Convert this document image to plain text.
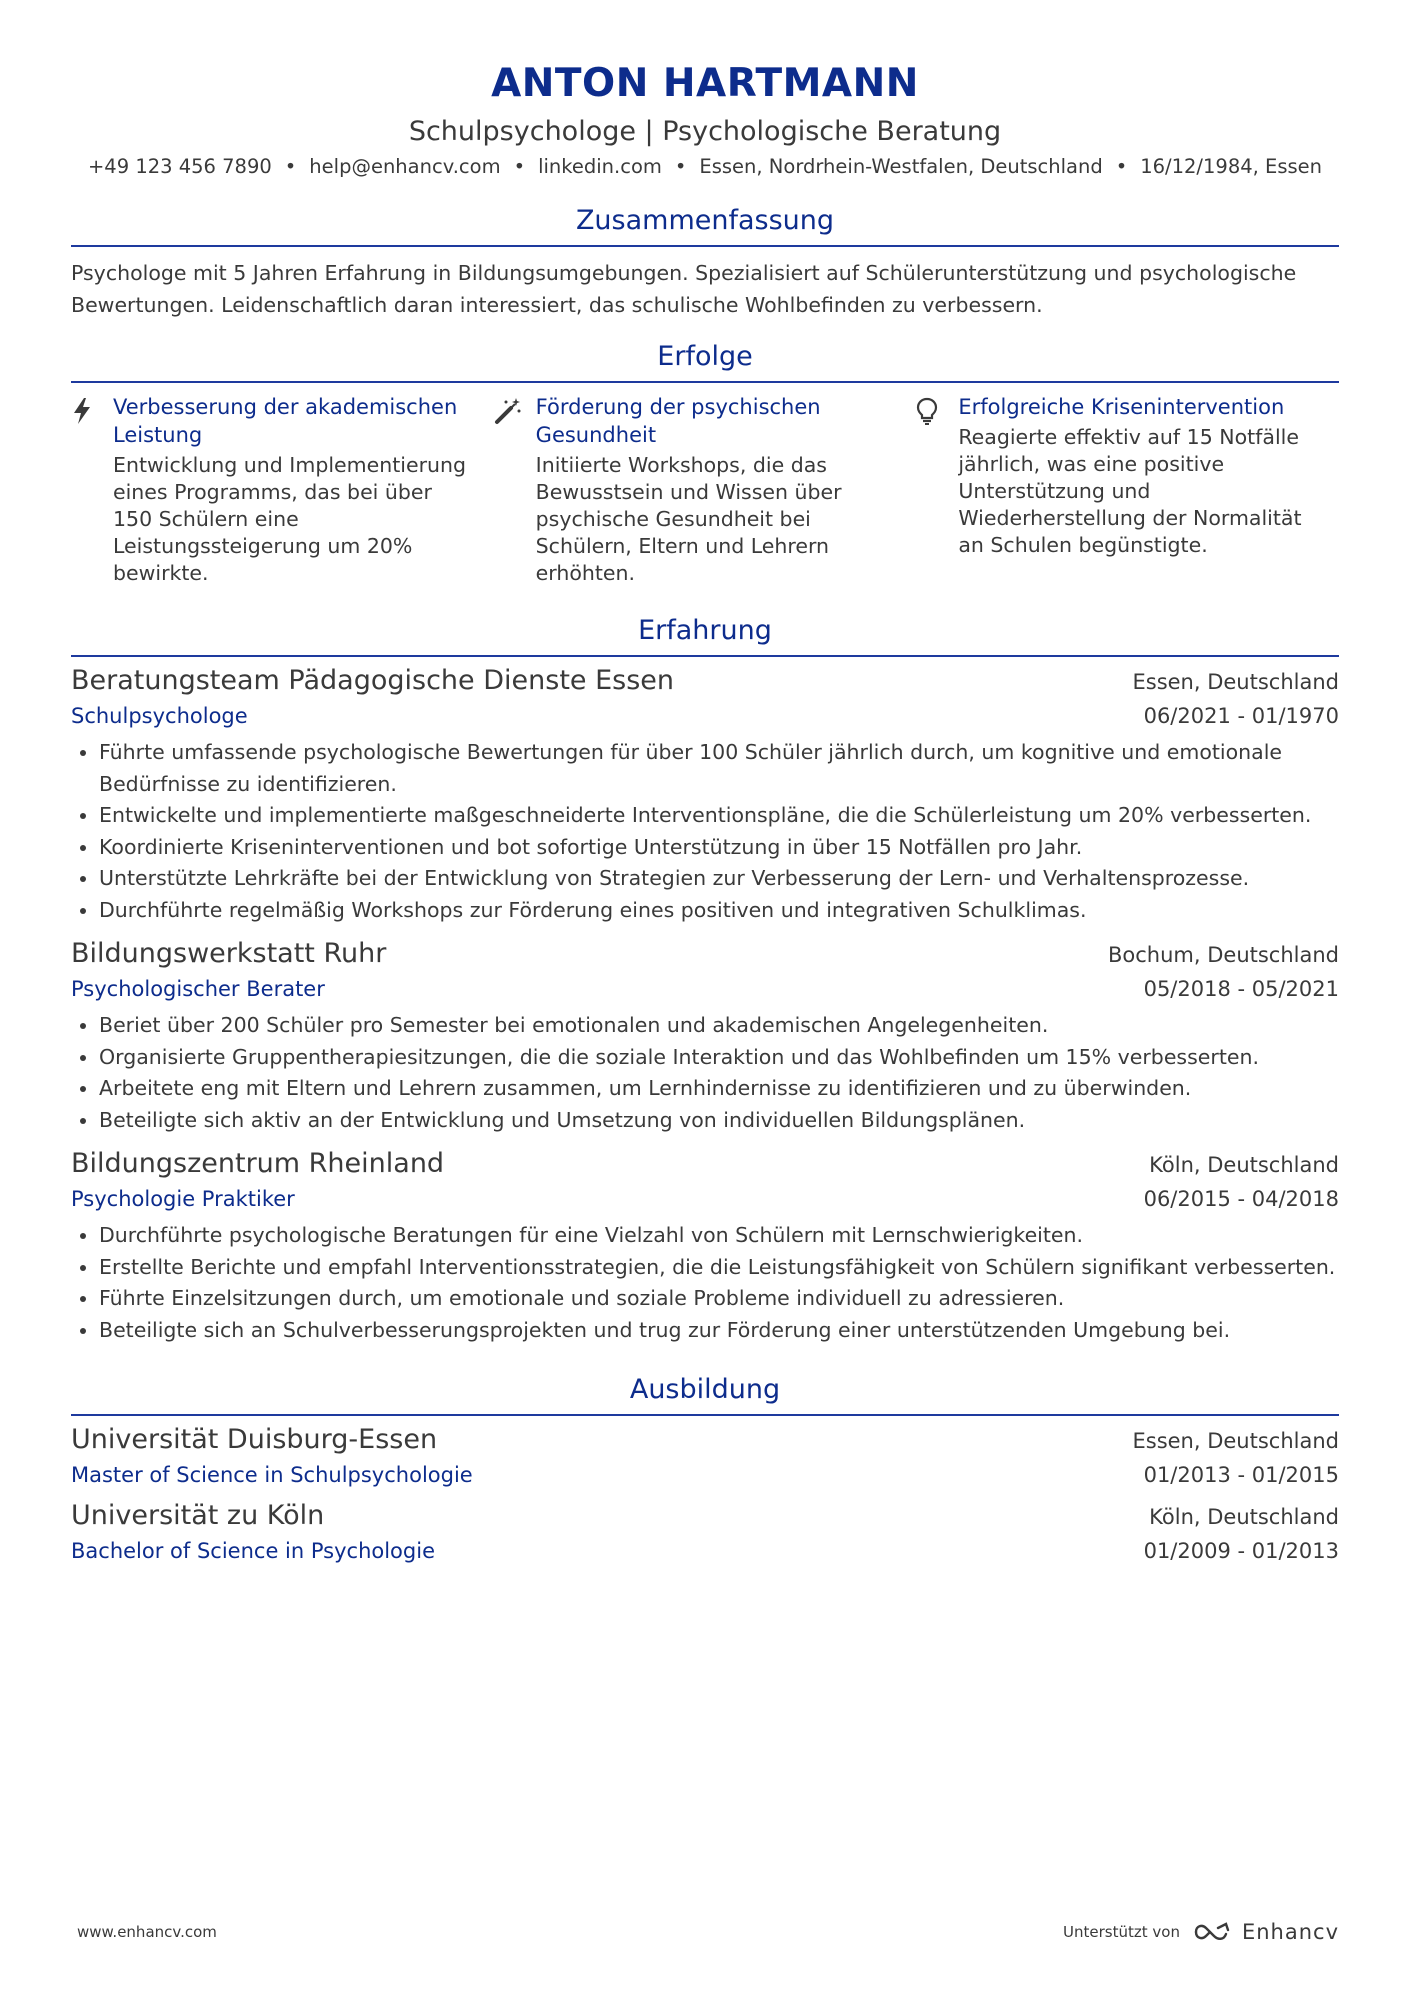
ANTON HARTMANN
Schulpsychologe | Psychologische Beratung
+49 123 456 7890 • help@enhancv.com • linkedin.com • Essen, Nordrhein-Westfalen, Deutschland • 16/12/1984, Essen
Zusammenfassung
Psychologe mit 5 Jahren Erfahrung in Bildungsumgebungen. Spezialisiert auf Schülerunterstützung und psychologische Bewertungen. Leidenschaftlich daran interessiert, das schulische Wohlbefinden zu verbessern.
Erfolge
Verbesserung der akademischen Leistung
Entwicklung und Implementierung eines Programms, das bei über 150 Schülern eine Leistungssteigerung um 20% bewirkte.
Förderung der psychischen Gesundheit
Initiierte Workshops, die das Bewusstsein und Wissen über psychische Gesundheit bei Schülern, Eltern und Lehrern erhöhten.
Erfolgreiche Krisenintervention
Reagierte effektiv auf 15 Notfälle jährlich, was eine positive Unterstützung und Wiederherstellung der Normalität an Schulen begünstigte.
Erfahrung
Beratungsteam Pädagogische Dienste Essen	Essen, Deutschland
Schulpsychologe	06/2021 - 01/1970
• Führte umfassende psychologische Bewertungen für über 100 Schüler jährlich durch, um kognitive und emotionale Bedürfnisse zu identifizieren.
• Entwickelte und implementierte maßgeschneiderte Interventionspläne, die die Schülerleistung um 20% verbesserten.
• Koordinierte Kriseninterventionen und bot sofortige Unterstützung in über 15 Notfällen pro Jahr.
• Unterstützte Lehrkräfte bei der Entwicklung von Strategien zur Verbesserung der Lern- und Verhaltensprozesse.
• Durchführte regelmäßig Workshops zur Förderung eines positiven und integrativen Schulklimas.
Bildungswerkstatt Ruhr	Bochum, Deutschland
Psychologischer Berater	05/2018 - 05/2021
• Beriet über 200 Schüler pro Semester bei emotionalen und akademischen Angelegenheiten.
• Organisierte Gruppentherapiesitzungen, die die soziale Interaktion und das Wohlbefinden um 15% verbesserten.
• Arbeitete eng mit Eltern und Lehrern zusammen, um Lernhindernisse zu identifizieren und zu überwinden.
• Beteiligte sich aktiv an der Entwicklung und Umsetzung von individuellen Bildungsplänen.
Bildungszentrum Rheinland	Köln, Deutschland
Psychologie Praktiker	06/2015 - 04/2018
• Durchführte psychologische Beratungen für eine Vielzahl von Schülern mit Lernschwierigkeiten.
• Erstellte Berichte und empfahl Interventionsstrategien, die die Leistungsfähigkeit von Schülern signifikant verbesserten.
• Führte Einzelsitzungen durch, um emotionale und soziale Probleme individuell zu adressieren.
• Beteiligte sich an Schulverbesserungsprojekten und trug zur Förderung einer unterstützenden Umgebung bei.
Ausbildung
Universität Duisburg-Essen	Essen, Deutschland
Master of Science in Schulpsychologie	01/2013 - 01/2015
Universität zu Köln	Köln, Deutschland
Bachelor of Science in Psychologie	01/2009 - 01/2013
www.enhancv.com	Unterstützt von	Enhancv
